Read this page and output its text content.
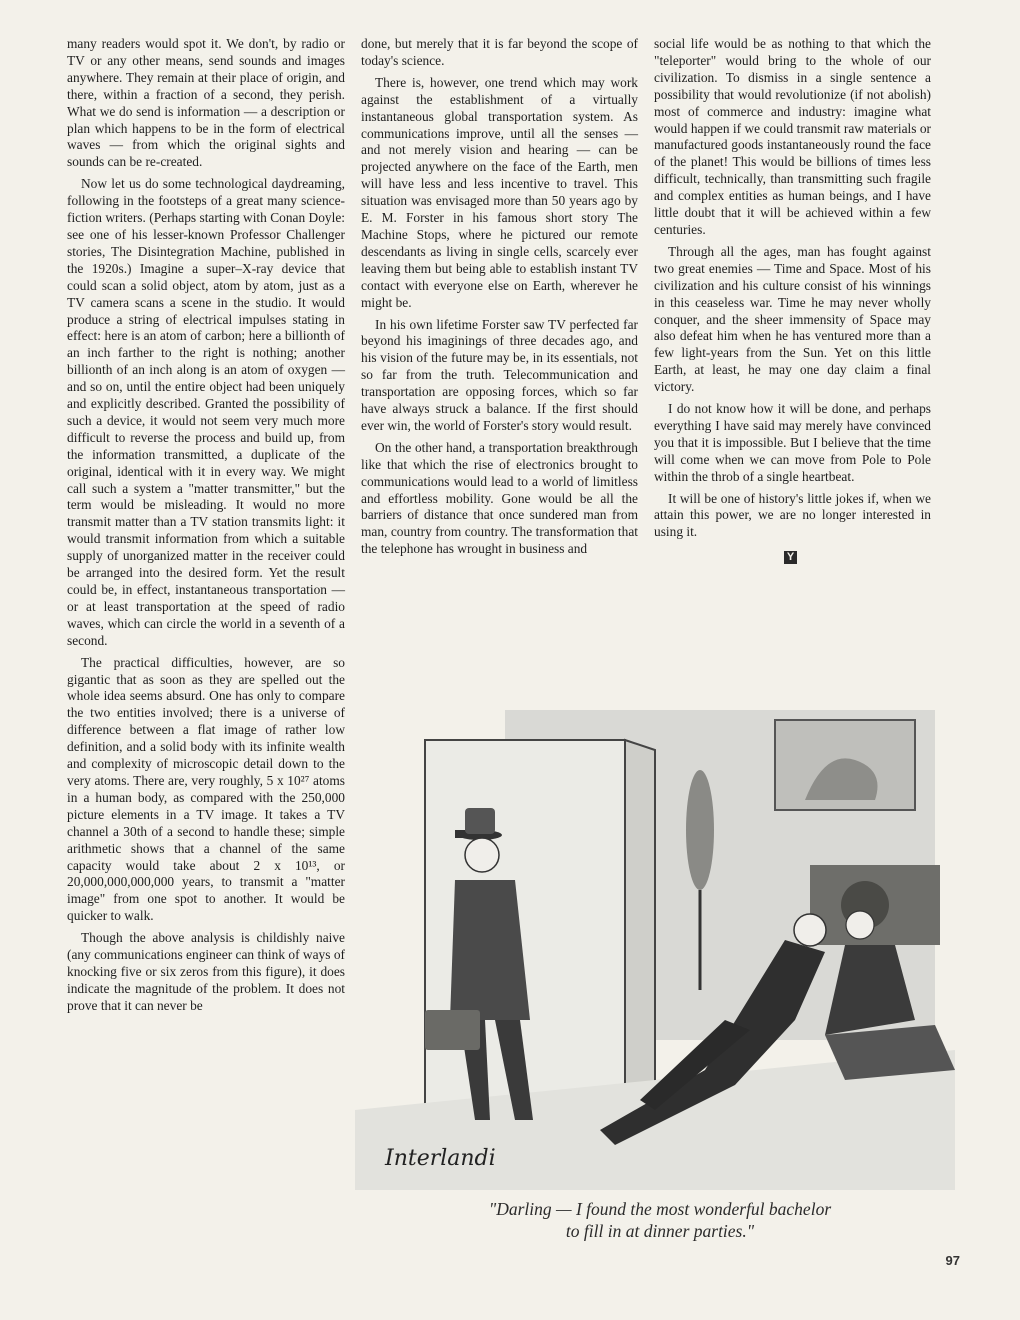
many readers would spot it. We don't, by radio or TV or any other means, send sounds and images anywhere. They remain at their place of origin, and there, within a fraction of a second, they perish. What we do send is information — a description or plan which happens to be in the form of electrical waves — from which the original sights and sounds can be re-created.

Now let us do some technological daydreaming, following in the footsteps of a great many science-fiction writers. (Perhaps starting with Conan Doyle: see one of his lesser-known Professor Challenger stories, The Disintegration Machine, published in the 1920s.) Imagine a super–X-ray device that could scan a solid object, atom by atom, just as a TV camera scans a scene in the studio. It would produce a string of electrical impulses stating in effect: here is an atom of carbon; here a billionth of an inch farther to the right is nothing; another billionth of an inch along is an atom of oxygen — and so on, until the entire object had been uniquely and explicitly described. Granted the possibility of such a device, it would not seem very much more difficult to reverse the process and build up, from the information transmitted, a duplicate of the original, identical with it in every way. We might call such a system a "matter transmitter," but the term would be misleading. It would no more transmit matter than a TV station transmits light: it would transmit information from which a suitable supply of unorganized matter in the receiver could be arranged into the desired form. Yet the result could be, in effect, instantaneous transportation — or at least transportation at the speed of radio waves, which can circle the world in a seventh of a second.

The practical difficulties, however, are so gigantic that as soon as they are spelled out the whole idea seems absurd. One has only to compare the two entities involved; there is a universe of difference between a flat image of rather low definition, and a solid body with its infinite wealth and complexity of microscopic detail down to the very atoms. There are, very roughly, 5 x 10²⁷ atoms in a human body, as compared with the 250,000 picture elements in a TV image. It takes a TV channel a 30th of a second to handle these; simple arithmetic shows that a channel of the same capacity would take about 2 x 10¹³, or 20,000,000,000,000 years, to transmit a "matter image" from one spot to another. It would be quicker to walk.

Though the above analysis is childishly naive (any communications engineer can think of ways of knocking five or six zeros from this figure), it does indicate the magnitude of the problem. It does not prove that it can never be

done, but merely that it is far beyond the scope of today's science.

There is, however, one trend which may work against the establishment of a virtually instantaneous global transportation system. As communications improve, until all the senses — and not merely vision and hearing — can be projected anywhere on the face of the Earth, men will have less and less incentive to travel. This situation was envisaged more than 50 years ago by E. M. Forster in his famous short story The Machine Stops, where he pictured our remote descendants as living in single cells, scarcely ever leaving them but being able to establish instant TV contact with everyone else on Earth, wherever he might be.

In his own lifetime Forster saw TV perfected far beyond his imaginings of three decades ago, and his vision of the future may be, in its essentials, not so far from the truth. Telecommunication and transportation are opposing forces, which so far have always struck a balance. If the first should ever win, the world of Forster's story would result.

On the other hand, a transportation breakthrough like that which the rise of electronics brought to communications would lead to a world of limitless and effortless mobility. Gone would be all the barriers of distance that once sundered man from man, country from country. The transformation that the telephone has wrought in business and

social life would be as nothing to that which the "teleporter" would bring to the whole of our civilization. To dismiss in a single sentence a possibility that would revolutionize (if not abolish) most of commerce and industry: imagine what would happen if we could transmit raw materials or manufactured goods instantaneously round the face of the planet! This would be billions of times less difficult, technically, than transmitting such fragile and complex entities as human beings, and I have little doubt that it will be achieved within a few centuries.

Through all the ages, man has fought against two great enemies — Time and Space. Most of his civilization and his culture consist of his winnings in this ceaseless war. Time he may never wholly conquer, and the sheer immensity of Space may also defeat him when he has ventured more than a few light-years from the Sun. Yet on this little Earth, at least, he may one day claim a final victory.

I do not know how it will be done, and perhaps everything I have said may merely have convinced you that it is impossible. But I believe that the time will come when we can move from Pole to Pole within the throb of a single heartbeat.

It will be one of history's little jokes if, when we attain this power, we are no longer interested in using it.

Y
Interlandi
"Darling — I found the most wonderful bachelor
to fill in at dinner parties."
97
